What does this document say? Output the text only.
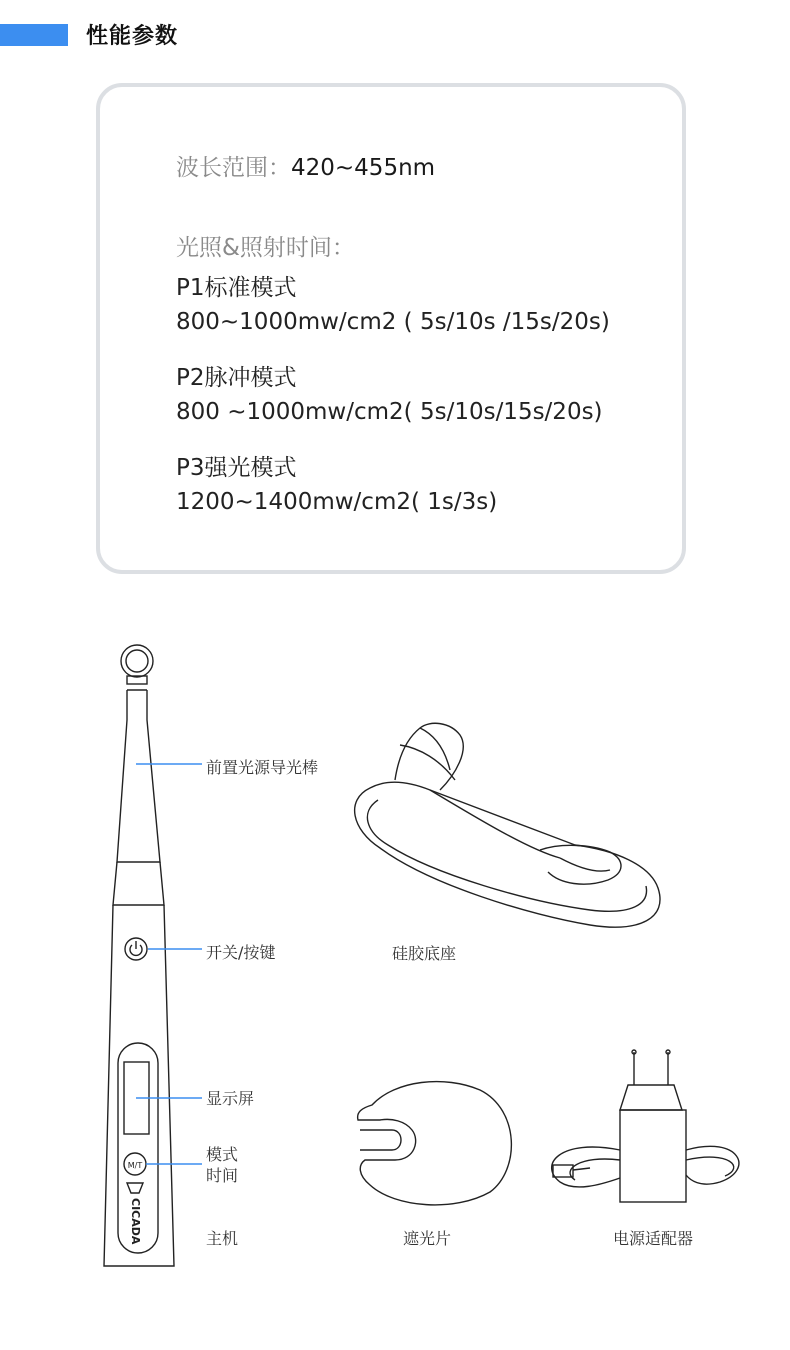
性能参数
波长范围：420~455nm
光照&照射时间：
P1标准模式
800~1000mw/cm2 ( 5s/10s /15s/20s)
P2脉冲模式
800 ~1000mw/cm2( 5s/10s/15s/20s)
P3强光模式
1200~1400mw/cm2( 1s/3s)
M/T
CICADA
前置光源导光棒
开关/按键
显示屏
模式
时间
主机
硅胶底座
遮光片	电源适配器
